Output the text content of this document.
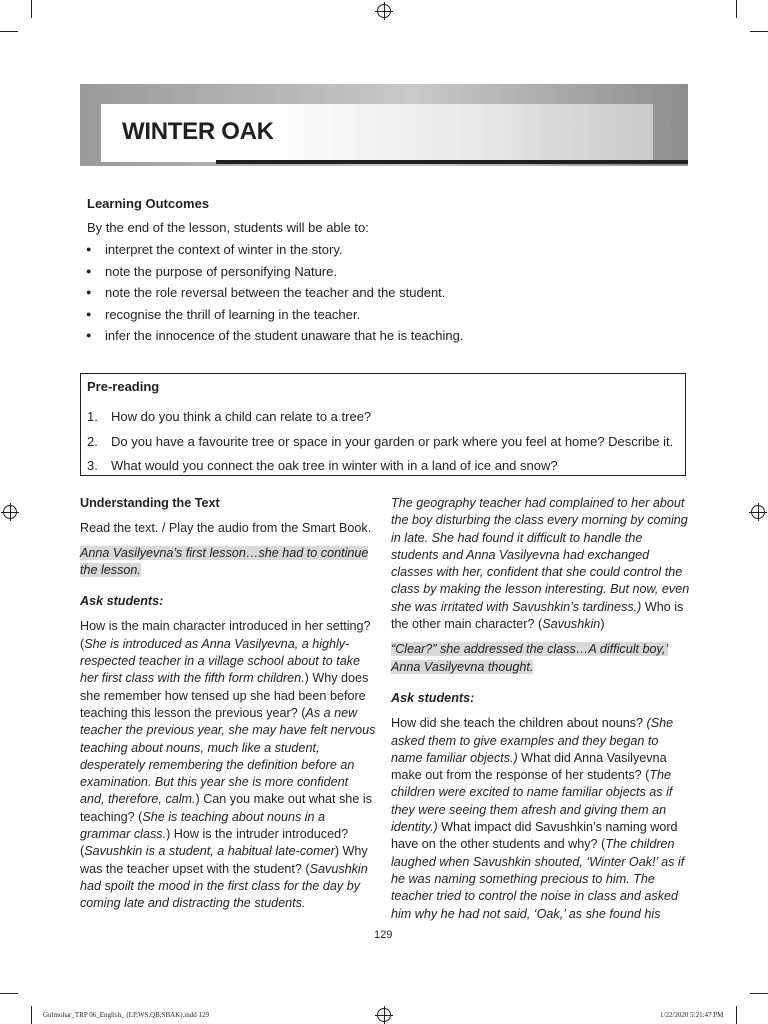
WINTER OAK
Learning Outcomes
By the end of the lesson, students will be able to:
● interpret the context of winter in the story.
● note the purpose of personifying Nature.
● note the role reversal between the teacher and the student.
● recognise the thrill of learning in the teacher.
● infer the innocence of the student unaware that he is teaching.
Pre-reading
1. How do you think a child can relate to a tree?
2. Do you have a favourite tree or space in your garden or park where you feel at home? Describe it.
3. What would you connect the oak tree in winter with in a land of ice and snow?

Understanding the Text

Read the text. / Play the audio from the Smart Book.

Anna Vasilyevna’s first lesson…she had to continue the lesson.

Ask students:

How is the main character introduced in her setting? (She is introduced as Anna Vasilyevna, a highly-respected teacher in a village school about to take her first class with the fifth form children.) Why does she remember how tensed up she had been before teaching this lesson the previous year? (As a new teacher the previous year, she may have felt nervous teaching about nouns, much like a student, desperately remembering the definition before an examination. But this year she is more confident and, therefore, calm.) Can you make out what she is teaching? (She is teaching about nouns in a grammar class.) How is the intruder introduced? (Savushkin is a student, a habitual late-comer) Why was the teacher upset with the student? (Savushkin had spoilt the mood in the first class for the day by coming late and distracting the students.

The geography teacher had complained to her about the boy disturbing the class every morning by coming in late. She had found it difficult to handle the students and Anna Vasilyevna had exchanged classes with her, confident that she could control the class by making the lesson interesting. But now, even she was irritated with Savushkin’s tardiness.) Who is the other main character? (Savushkin)

“Clear?” she addressed the class…A difficult boy,’ Anna Vasilyevna thought.

Ask students:

How did she teach the children about nouns? (She asked them to give examples and they began to name familiar objects.) What did Anna Vasilyevna make out from the response of her students? (The children were excited to name familiar objects as if they were seeing them afresh and giving them an identity.) What impact did Savushkin’s naming word have on the other students and why? (The children laughed when Savushkin shouted, ‘Winter Oak!’ as if he was naming something precious to him. The teacher tried to control the noise in class and asked him why he had not said, ‘Oak,’ as she found his

129
Gulmohar_TRP 06_English_ (LP,WS,QB,SBAK).indd 129	1/22/2020 5:21:47 PM
